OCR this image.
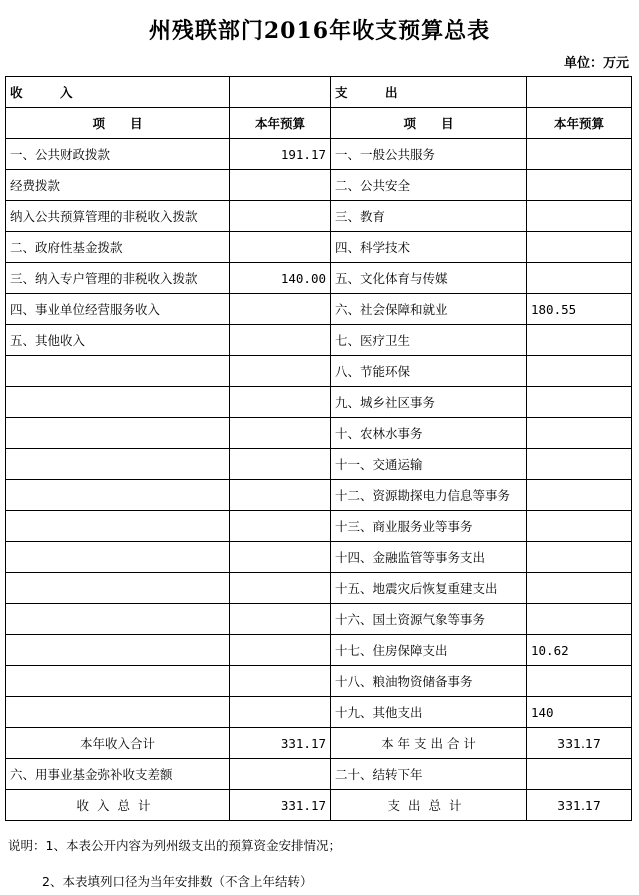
州残联部门2016年收支预算总表
单位：万元
收　　　入		支　　　出	
项　　目	本年预算	项　　目	本年预算
一、公共财政拨款	191.17	一、一般公共服务	
经费拨款		二、公共安全	
纳入公共预算管理的非税收入拨款		三、教育	
二、政府性基金拨款		四、科学技术	
三、纳入专户管理的非税收入拨款	140.00	五、文化体育与传媒	
四、事业单位经营服务收入		六、社会保障和就业	180.55
五、其他收入		七、医疗卫生	
		八、节能环保	
		九、城乡社区事务	
		十、农林水事务	
		十一、交通运输	
		十二、资源勘探电力信息等事务	
		十三、商业服务业等事务	
		十四、金融监管等事务支出	
		十五、地震灾后恢复重建支出	
		十六、国土资源气象等事务	
		十七、住房保障支出	10.62
		十八、粮油物资储备事务	
		十九、其他支出	140
本年收入合计	331.17	本 年 支 出 合 计	331.17
六、用事业基金弥补收支差额		二十、结转下年	
收入总计	331.17	支出总计	331.17
说明：1、本表公开内容为列州级支出的预算资金安排情况；
2、本表填列口径为当年安排数（不含上年结转）
